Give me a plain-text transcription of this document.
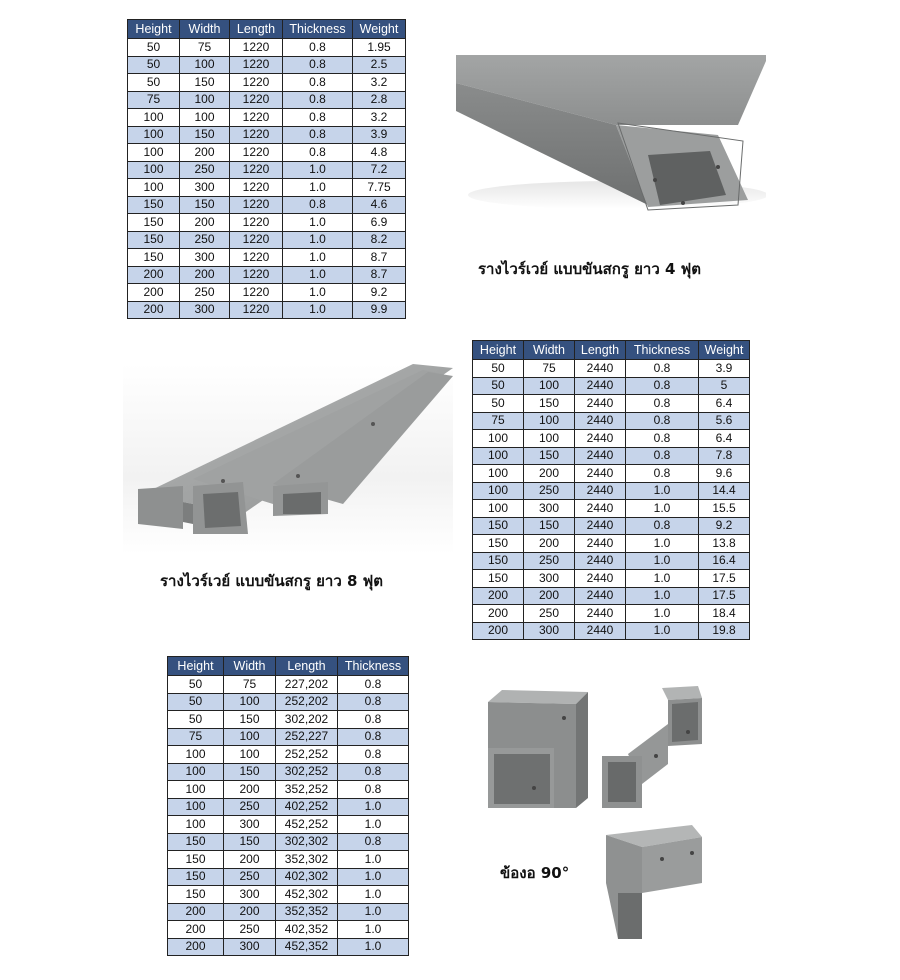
Height	Width	Length	Thickness	Weight
50	75	1220	0.8	1.95
50	100	1220	0.8	2.5
50	150	1220	0.8	3.2
75	100	1220	0.8	2.8
100	100	1220	0.8	3.2
100	150	1220	0.8	3.9
100	200	1220	0.8	4.8
100	250	1220	1.0	7.2
100	300	1220	1.0	7.75
150	150	1220	0.8	4.6
150	200	1220	1.0	6.9
150	250	1220	1.0	8.2
150	300	1220	1.0	8.7
200	200	1220	1.0	8.7
200	250	1220	1.0	9.2
200	300	1220	1.0	9.9
รางไวร์เวย์ แบบขันสกรู ยาว 4 ฟุต
รางไวร์เวย์ แบบขันสกรู ยาว 8 ฟุต
Height	Width	Length	Thickness	Weight
50	75	2440	0.8	3.9
50	100	2440	0.8	5
50	150	2440	0.8	6.4
75	100	2440	0.8	5.6
100	100	2440	0.8	6.4
100	150	2440	0.8	7.8
100	200	2440	0.8	9.6
100	250	2440	1.0	14.4
100	300	2440	1.0	15.5
150	150	2440	0.8	9.2
150	200	2440	1.0	13.8
150	250	2440	1.0	16.4
150	300	2440	1.0	17.5
200	200	2440	1.0	17.5
200	250	2440	1.0	18.4
200	300	2440	1.0	19.8
Height	Width	Length	Thickness
50	75	227,202	0.8
50	100	252,202	0.8
50	150	302,202	0.8
75	100	252,227	0.8
100	100	252,252	0.8
100	150	302,252	0.8
100	200	352,252	0.8
100	250	402,252	1.0
100	300	452,252	1.0
150	150	302,302	0.8
150	200	352,302	1.0
150	250	402,302	1.0
150	300	452,302	1.0
200	200	352,352	1.0
200	250	402,352	1.0
200	300	452,352	1.0
ข้องอ 90°
